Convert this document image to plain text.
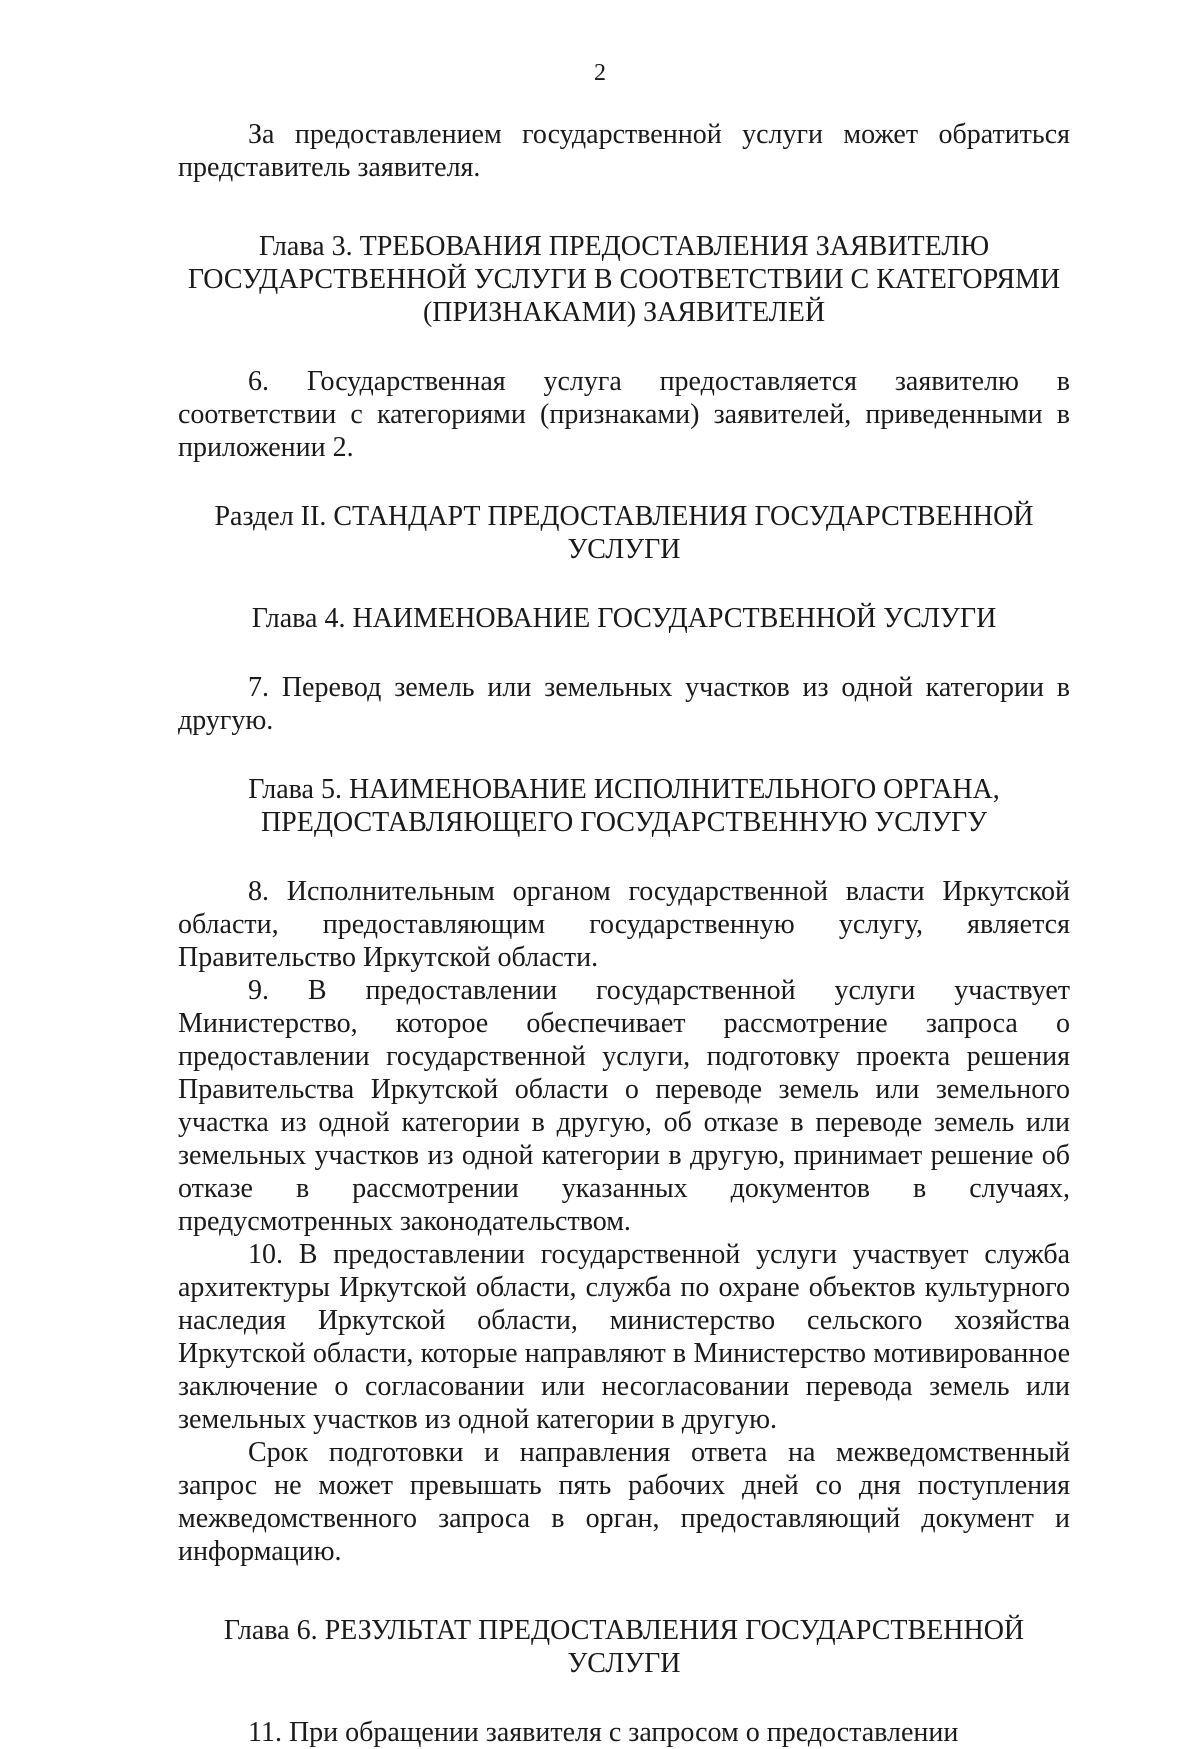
2

За предоставлением государственной услуги может обратиться представитель заявителя.

Глава 3. ТРЕБОВАНИЯ ПРЕДОСТАВЛЕНИЯ ЗАЯВИТЕЛЮ
ГОСУДАРСТВЕННОЙ УСЛУГИ В СООТВЕТСТВИИ С КАТЕГОРЯМИ
(ПРИЗНАКАМИ) ЗАЯВИТЕЛЕЙ

6. Государственная услуга предоставляется заявителю в соответствии с категориями (признаками) заявителей, приведенными в приложении 2.

Раздел II. СТАНДАРТ ПРЕДОСТАВЛЕНИЯ ГОСУДАРСТВЕННОЙ
УСЛУГИ
Глава 4. НАИМЕНОВАНИЕ ГОСУДАРСТВЕННОЙ УСЛУГИ

7. Перевод земель или земельных участков из одной категории в другую.

Глава 5. НАИМЕНОВАНИЕ ИСПОЛНИТЕЛЬНОГО ОРГАНА,
ПРЕДОСТАВЛЯЮЩЕГО ГОСУДАРСТВЕННУЮ УСЛУГУ

8. Исполнительным органом государственной власти Иркутской области, предоставляющим государственную услугу, является Правительство Иркутской области.

9. В предоставлении государственной услуги участвует Министерство, которое обеспечивает рассмотрение запроса о предоставлении государственной услуги, подготовку проекта решения Правительства Иркутской области о переводе земель или земельного участка из одной категории в другую, об отказе в переводе земель или земельных участков из одной категории в другую, принимает решение об отказе в рассмотрении указанных документов в случаях, предусмотренных законодательством.

10. В предоставлении государственной услуги участвует служба архитектуры Иркутской области, служба по охране объектов культурного наследия Иркутской области, министерство сельского хозяйства Иркутской области, которые направляют в Министерство мотивированное заключение о согласовании или несогласовании перевода земель или земельных участков из одной категории в другую.

Срок подготовки и направления ответа на межведомственный запрос не может превышать пять рабочих дней со дня поступления межведомственного запроса в орган, предоставляющий документ и информацию.

Глава 6. РЕЗУЛЬТАТ ПРЕДОСТАВЛЕНИЯ ГОСУДАРСТВЕННОЙ
УСЛУГИ

11. При обращении заявителя с запросом о предоставлении
